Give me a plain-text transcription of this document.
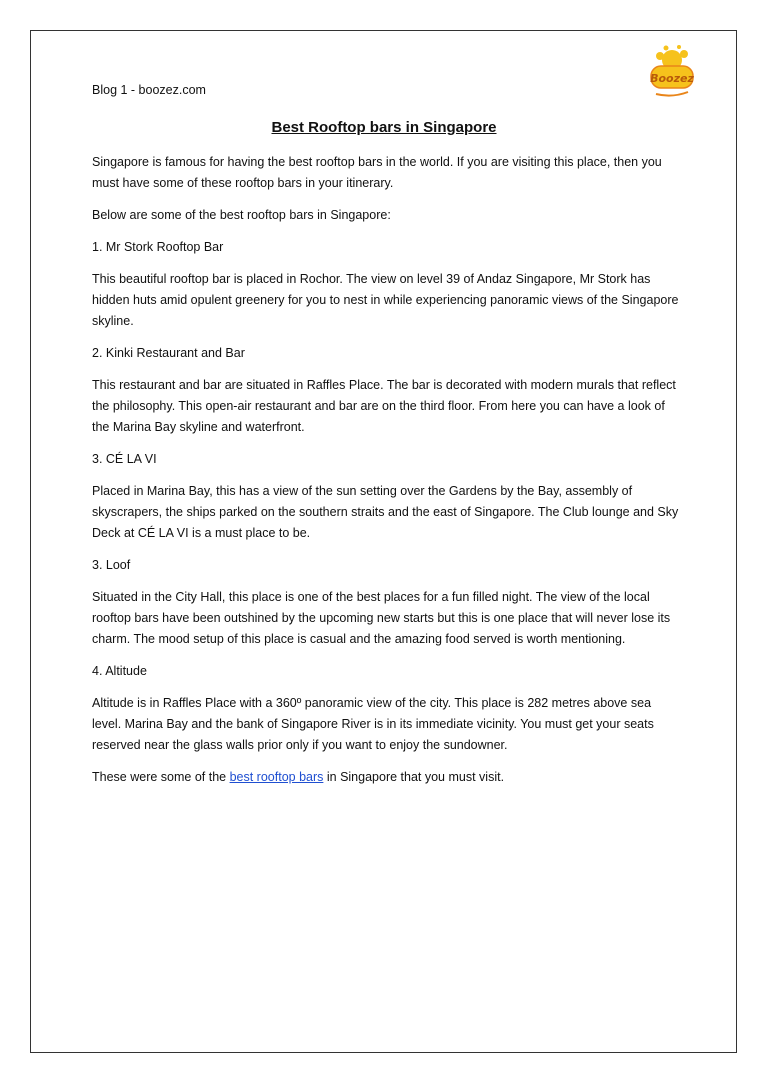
Boozez
Blog 1 - boozez.com
Best Rooftop bars in Singapore

Singapore is famous for having the best rooftop bars in the world. If you are visiting this place, then you must have some of these rooftop bars in your itinerary.

Below are some of the best rooftop bars in Singapore:

1. Mr Stork Rooftop Bar

This beautiful rooftop bar is placed in Rochor. The view on level 39 of Andaz Singapore, Mr Stork has hidden huts amid opulent greenery for you to nest in while experiencing panoramic views of the Singapore skyline.

2. Kinki Restaurant and Bar

This restaurant and bar are situated in Raffles Place. The bar is decorated with modern murals that reflect the philosophy. This open-air restaurant and bar are on the third floor. From here you can have a look of the Marina Bay skyline and waterfront.

3. CÉ LA VI

Placed in Marina Bay, this has a view of the sun setting over the Gardens by the Bay, assembly of skyscrapers, the ships parked on the southern straits and the east of Singapore. The Club lounge and Sky Deck at CÉ LA VI is a must place to be.

3. Loof

Situated in the City Hall, this place is one of the best places for a fun filled night. The view of the local rooftop bars have been outshined by the upcoming new starts but this is one place that will never lose its charm. The mood setup of this place is casual and the amazing food served is worth mentioning.

4. Altitude

Altitude is in Raffles Place with a 360º panoramic view of the city. This place is 282 metres above sea level. Marina Bay and the bank of Singapore River is in its immediate vicinity. You must get your seats reserved near the glass walls prior only if you want to enjoy the sundowner.

These were some of the best rooftop bars in Singapore that you must visit.
